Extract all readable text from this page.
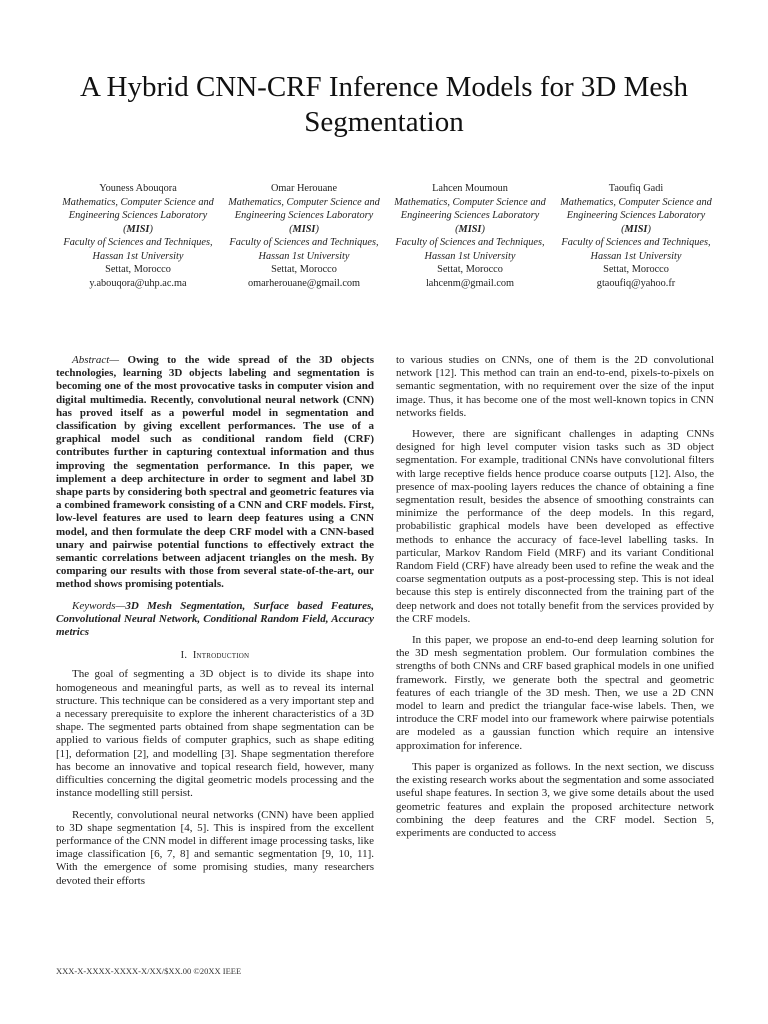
A Hybrid CNN-CRF Inference Models for 3D Mesh Segmentation
Youness Abouqora
Mathematics, Computer Science and Engineering Sciences Laboratory (MISI)
Faculty of Sciences and Techniques, Hassan 1st University
Settat, Morocco
y.abouqora@uhp.ac.ma
Omar Herouane
Mathematics, Computer Science and Engineering Sciences Laboratory (MISI)
Faculty of Sciences and Techniques, Hassan 1st University
Settat, Morocco
omarherouane@gmail.com
Lahcen Moumoun
Mathematics, Computer Science and Engineering Sciences Laboratory (MISI)
Faculty of Sciences and Techniques, Hassan 1st University
Settat, Morocco
lahcenm@gmail.com
Taoufiq Gadi
Mathematics, Computer Science and Engineering Sciences Laboratory (MISI)
Faculty of Sciences and Techniques, Hassan 1st University
Settat, Morocco
gtaoufiq@yahoo.fr

Abstract— Owing to the wide spread of the 3D objects technologies, learning 3D objects labeling and segmentation is becoming one of the most provocative tasks in computer vision and digital multimedia. Recently, convolutional neural network (CNN) has proved itself as a powerful model in segmentation and classification by giving excellent performances. The use of a graphical model such as conditional random field (CRF) contributes further in capturing contextual information and thus improving the segmentation performance. In this paper, we implement a deep architecture in order to segment and label 3D shape parts by considering both spectral and geometric features via a combined framework consisting of a CNN and CRF models. First, low-level features are used to learn deep features using a CNN model, and then formulate the deep CRF model with a CNN-based unary and pairwise potential functions to effectively extract the semantic correlations between adjacent triangles on the mesh. By comparing our results with those from several state-of-the-art, our method shows promising potentials.

Keywords—3D Mesh Segmentation, Surface based Features, Convolutional Neural Network, Conditional Random Field, Accuracy metrics

I. Introduction

The goal of segmenting a 3D object is to divide its shape into homogeneous and meaningful parts, as well as to reveal its internal structure. This technique can be considered as a very important step and a necessary prerequisite to explore the inherent characteristics of a 3D shape. The segmented parts obtained from shape segmentation can be applied to various fields of computer graphics, such as shape editing [1], deformation [2], and modelling [3]. Shape segmentation therefore has become an innovative and topical research field, however, many difficulties concerning the digital geometric models processing and the instance modelling still persist.

Recently, convolutional neural networks (CNN) have been applied to 3D shape segmentation [4, 5]. This is inspired from the excellent performance of the CNN model in different image processing tasks, like image classification [6, 7, 8] and semantic segmentation [9, 10, 11]. With the emergence of some promising studies, many researchers devoted their efforts

to various studies on CNNs, one of them is the 2D convolutional network [12]. This method can train an end-to-end, pixels-to-pixels on semantic segmentation, with no requirement over the size of the input image. Thus, it has become one of the most well-known topics in CNN networks fields.

However, there are significant challenges in adapting CNNs designed for high level computer vision tasks such as 3D object segmentation. For example, traditional CNNs have convolutional filters with large receptive fields hence produce coarse outputs [12]. Also, the presence of max-pooling layers reduces the chance of obtaining a fine segmentation result, besides the absence of smoothing constraints can minimize the performance of the deep models. In this regard, probabilistic graphical models have been developed as effective methods to enhance the accuracy of face-level labelling tasks. In particular, Markov Random Field (MRF) and its variant Conditional Random Field (CRF) have already been used to refine the weak and the coarse segmentation outputs as a post-processing step. This is not ideal because this step is entirely disconnected from the training part of the deep network and does not totally benefit from the services provided by the CRF models.

In this paper, we propose an end-to-end deep learning solution for the 3D mesh segmentation problem. Our formulation combines the strengths of both CNNs and CRF based graphical models in one unified framework. Firstly, we generate both the spectral and geometric features of each triangle of the 3D mesh. Then, we use a 2D CNN model to learn and predict the triangular face-wise labels. Then, we introduce the CRF model into our framework where pairwise potentials are modeled as a gaussian function which require an intensive approximation for inference.

This paper is organized as follows. In the next section, we discuss the existing research works about the segmentation and some associated useful shape features. In section 3, we give some details about the used geometric features and explain the proposed architecture network combining the deep features and the CRF model. Section 5, experiments are conducted to access

XXX-X-XXXX-XXXX-X/XX/$XX.00 ©20XX IEEE
